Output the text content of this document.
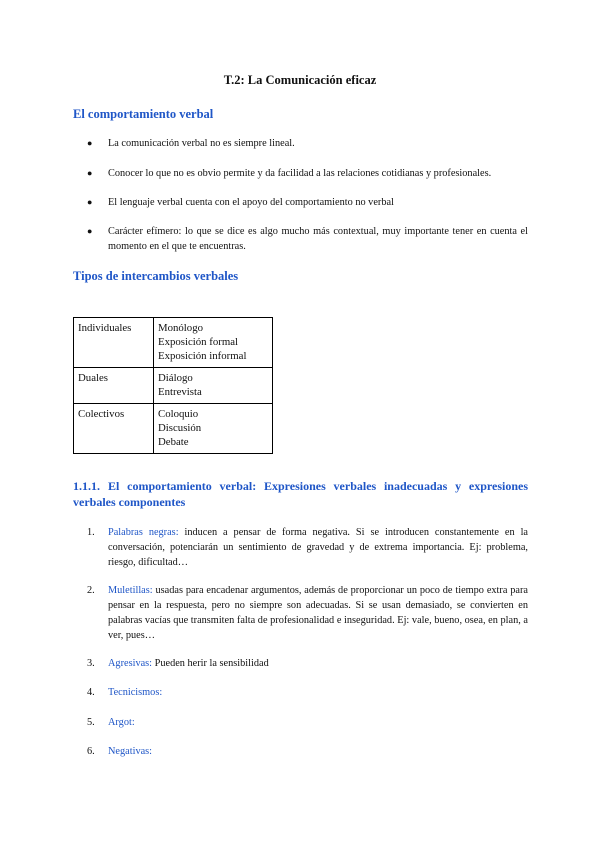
T.2: La Comunicación eficaz
El comportamiento verbal
● La comunicación verbal no es siempre lineal.
● Conocer lo que no es obvio permite y da facilidad a las relaciones cotidianas y profesionales.
● El lenguaje verbal cuenta con el apoyo del comportamiento no verbal
● Carácter efímero: lo que se dice es algo mucho más contextual, muy importante tener en cuenta el momento en el que te encuentras.
Tipos de intercambios verbales
Individuales	Monólogo
Exposición formal
Exposición informal

Duales	Diálogo
Entrevista

Colectivos	Coloquio
Discusión
Debate
1.1.1. El comportamiento verbal: Expresiones verbales inadecuadas y expresiones verbales componentes
1. Palabras negras: inducen a pensar de forma negativa. Si se introducen constantemente en la conversación, potenciarán un sentimiento de gravedad y de extrema importancia. Ej: problema, riesgo, dificultad…
2. Muletillas: usadas para encadenar argumentos, además de proporcionar un poco de tiempo extra para pensar en la respuesta, pero no siempre son adecuadas. Si se usan demasiado, se convierten en palabras vacías que transmiten falta de profesionalidad e inseguridad. Ej: vale, bueno, osea, en plan, a ver, pues…
3. Agresivas: Pueden herir la sensibilidad
4. Tecnicismos:
5. Argot:
6. Negativas:
